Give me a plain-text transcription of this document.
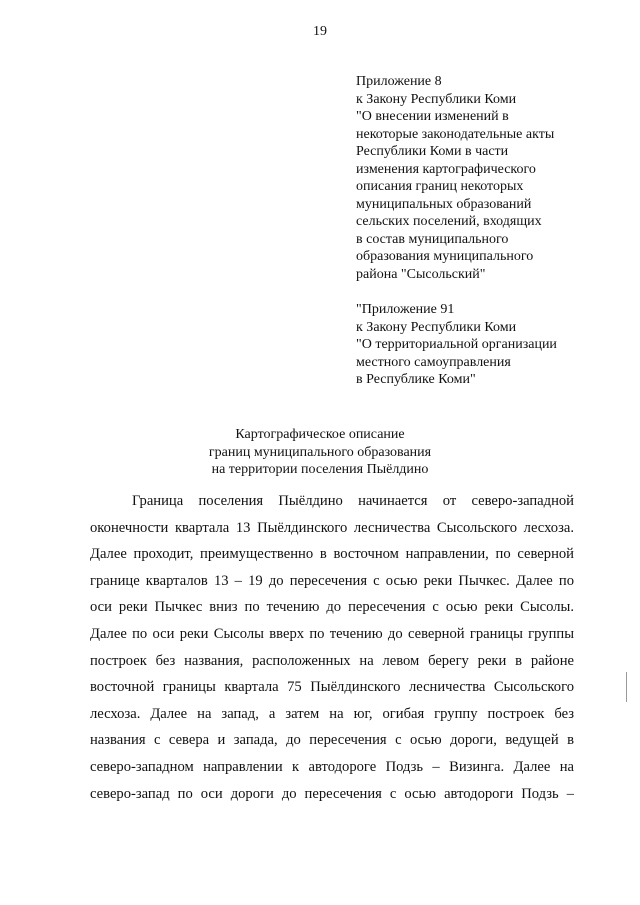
19
Приложение 8
к Закону Республики Коми
"О внесении изменений в
некоторые законодательные акты
Республики Коми в части
изменения картографического
описания границ некоторых
муниципальных образований
сельских поселений, входящих
в состав муниципального
образования муниципального
района "Сысольский"
"Приложение 91
к Закону Республики Коми
"О территориальной организации
местного самоуправления
в Республике Коми"
Картографическое описание
границ муниципального образования
на территории поселения Пыёлдино
Граница поселения Пыёлдино начинается от северо-западной
оконечности квартала 13 Пыёлдинского лесничества Сысольского лесхоза.
Далее проходит, преимущественно в восточном направлении, по северной
границе кварталов 13 – 19 до пересечения с осью реки Пычкес. Далее по
оси реки Пычкес вниз по течению до пересечения с осью реки Сысолы.
Далее по оси реки Сысолы вверх по течению до северной границы группы
построек без названия, расположенных на левом берегу реки в районе
восточной границы квартала 75 Пыёлдинского лесничества Сысольского
лесхоза. Далее на запад, а затем на юг, огибая группу построек без
названия с севера и запада, до пересечения с осью дороги, ведущей в
северо-западном направлении к автодороге Подзь – Визинга. Далее на
северо-запад по оси дороги до пересечения с осью автодороги Подзь –
